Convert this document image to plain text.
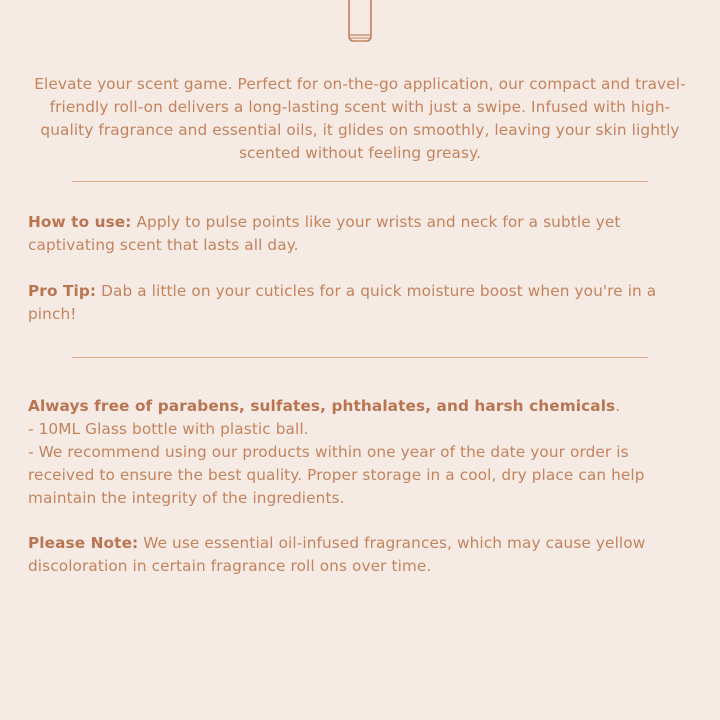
Elevate your scent game. Perfect for on-the-go application, our compact and travel-friendly roll-on delivers a long-lasting scent with just a swipe. Infused with high-quality fragrance and essential oils, it glides on smoothly, leaving your skin lightly scented without feeling greasy.

How to use: Apply to pulse points like your wrists and neck for a subtle yet captivating scent that lasts all day.

Pro Tip: Dab a little on your cuticles for a quick moisture boost when you're in a pinch!

Always free of parabens, sulfates, phthalates, and harsh chemicals.
- 10ML Glass bottle with plastic ball.
- We recommend using our products within one year of the date your order is received to ensure the best quality. Proper storage in a cool, dry place can help maintain the integrity of the ingredients.

Please Note: We use essential oil-infused fragrances, which may cause yellow discoloration in certain fragrance roll ons over time.
